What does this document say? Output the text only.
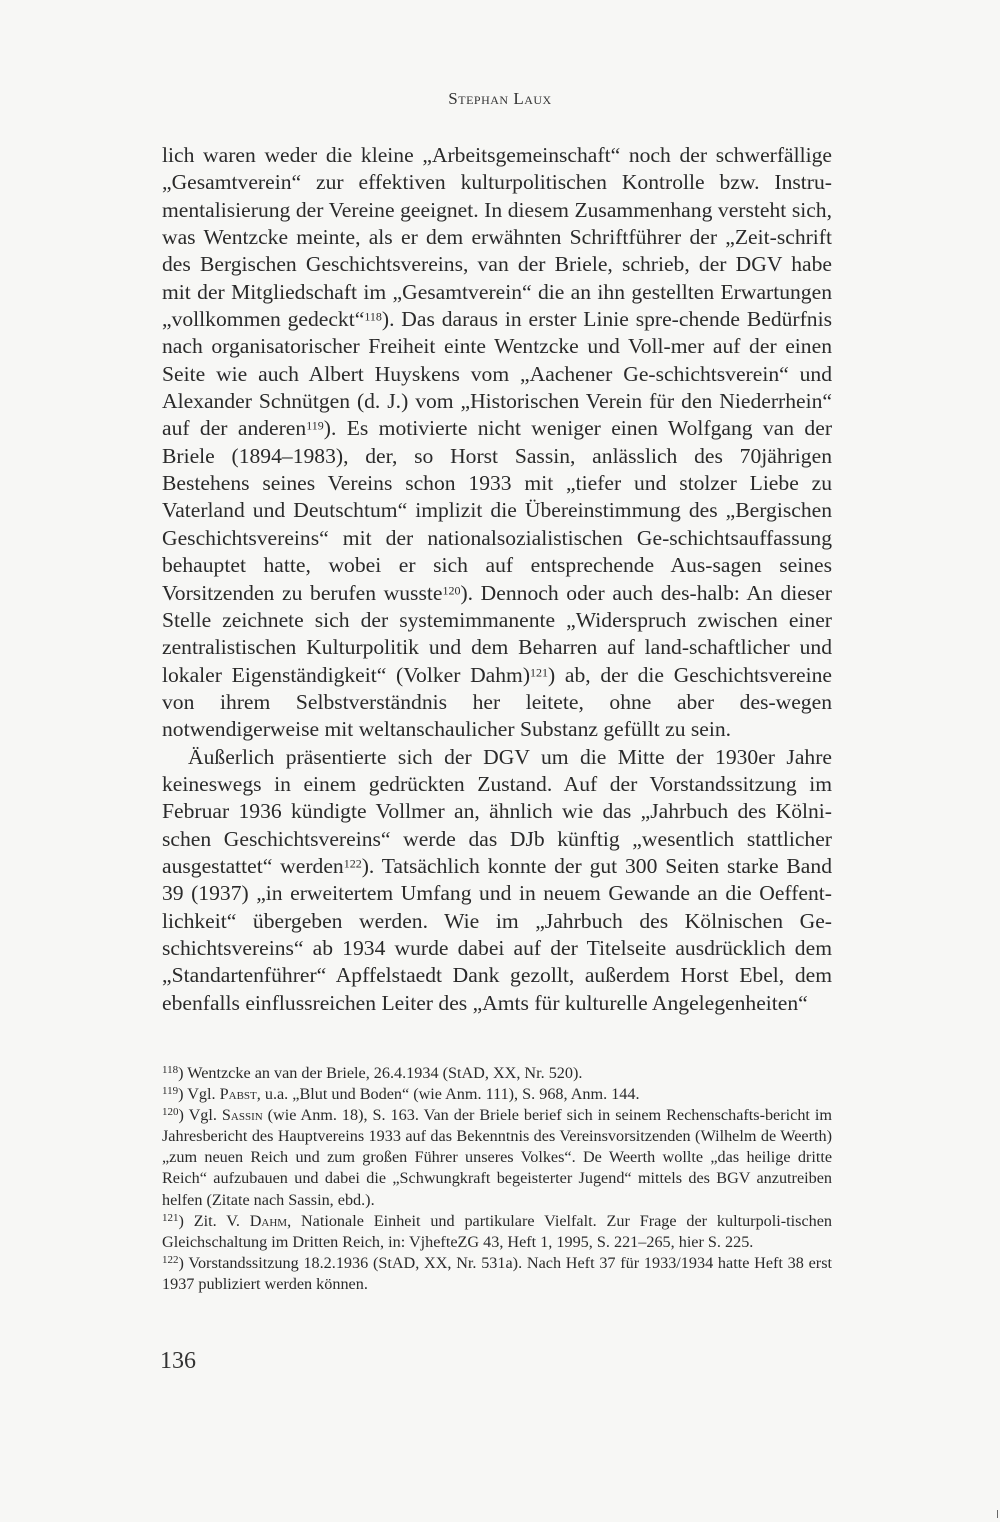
Stephan Laux

lich waren weder die kleine „Arbeitsgemeinschaft“ noch der schwerfällige „Gesamtverein“ zur effektiven kulturpolitischen Kontrolle bzw. Instru-mentalisierung der Vereine geeignet. In diesem Zusammenhang versteht sich, was Wentzcke meinte, als er dem erwähnten Schriftführer der „Zeit-schrift des Bergischen Geschichtsvereins, van der Briele, schrieb, der DGV habe mit der Mitgliedschaft im „Gesamtverein“ die an ihn gestellten Erwartungen „vollkommen gedeckt“$^{118}$). Das daraus in erster Linie spre-chende Bedürfnis nach organisatorischer Freiheit einte Wentzcke und Voll-mer auf der einen Seite wie auch Albert Huyskens vom „Aachener Ge-schichtsverein“ und Alexander Schnütgen (d. J.) vom „Historischen Verein für den Niederrhein“ auf der anderen$^{119}$). Es motivierte nicht weniger einen Wolfgang van der Briele (1894–1983), der, so Horst Sassin, anlässlich des 70jährigen Bestehens seines Vereins schon 1933 mit „tiefer und stolzer Liebe zu Vaterland und Deutschtum“ implizit die Übereinstimmung des „Bergischen Geschichtsvereins“ mit der nationalsozialistischen Ge-schichtsauffassung behauptet hatte, wobei er sich auf entsprechende Aus-sagen seines Vorsitzenden zu berufen wusste$^{120}$). Dennoch oder auch des-halb: An dieser Stelle zeichnete sich der systemimmanente „Widerspruch zwischen einer zentralistischen Kulturpolitik und dem Beharren auf land-schaftlicher und lokaler Eigenständigkeit“ (Volker Dahm)$^{121}$) ab, der die Geschichtsvereine von ihrem Selbstverständnis her leitete, ohne aber des-wegen notwendigerweise mit weltanschaulicher Substanz gefüllt zu sein.

Äußerlich präsentierte sich der DGV um die Mitte der 1930er Jahre keineswegs in einem gedrückten Zustand. Auf der Vorstandssitzung im Februar 1936 kündigte Vollmer an, ähnlich wie das „Jahrbuch des Kölni-schen Geschichtsvereins“ werde das DJb künftig „wesentlich stattlicher ausgestattet“ werden$^{122}$). Tatsächlich konnte der gut 300 Seiten starke Band 39 (1937) „in erweitertem Umfang und in neuem Gewande an die Oeffent-lichkeit“ übergeben werden. Wie im „Jahrbuch des Kölnischen Ge-schichtsvereins“ ab 1934 wurde dabei auf der Titelseite ausdrücklich dem „Standartenführer“ Apffelstaedt Dank gezollt, außerdem Horst Ebel, dem ebenfalls einflussreichen Leiter des „Amts für kulturelle Angelegenheiten“

$^{118}$) Wentzcke an van der Briele, 26.4.1934 (StAD, XX, Nr. 520).

$^{119}$) Vgl. Pabst, u.a. „Blut und Boden“ (wie Anm. 111), S. 968, Anm. 144.

$^{120}$) Vgl. Sassin (wie Anm. 18), S. 163. Van der Briele berief sich in seinem Rechenschafts-bericht im Jahresbericht des Hauptvereins 1933 auf das Bekenntnis des Vereinsvorsitzenden (Wilhelm de Weerth) „zum neuen Reich und zum großen Führer unseres Volkes“. De Weerth wollte „das heilige dritte Reich“ aufzubauen und dabei die „Schwungkraft begeisterter Jugend“ mittels des BGV anzutreiben helfen (Zitate nach Sassin, ebd.).

$^{121}$) Zit. V. Dahm, Nationale Einheit und partikulare Vielfalt. Zur Frage der kulturpoli-tischen Gleichschaltung im Dritten Reich, in: VjhefteZG 43, Heft 1, 1995, S. 221–265, hier S. 225.

$^{122}$) Vorstandssitzung 18.2.1936 (StAD, XX, Nr. 531a). Nach Heft 37 für 1933/1934 hatte Heft 38 erst 1937 publiziert werden können.

136
